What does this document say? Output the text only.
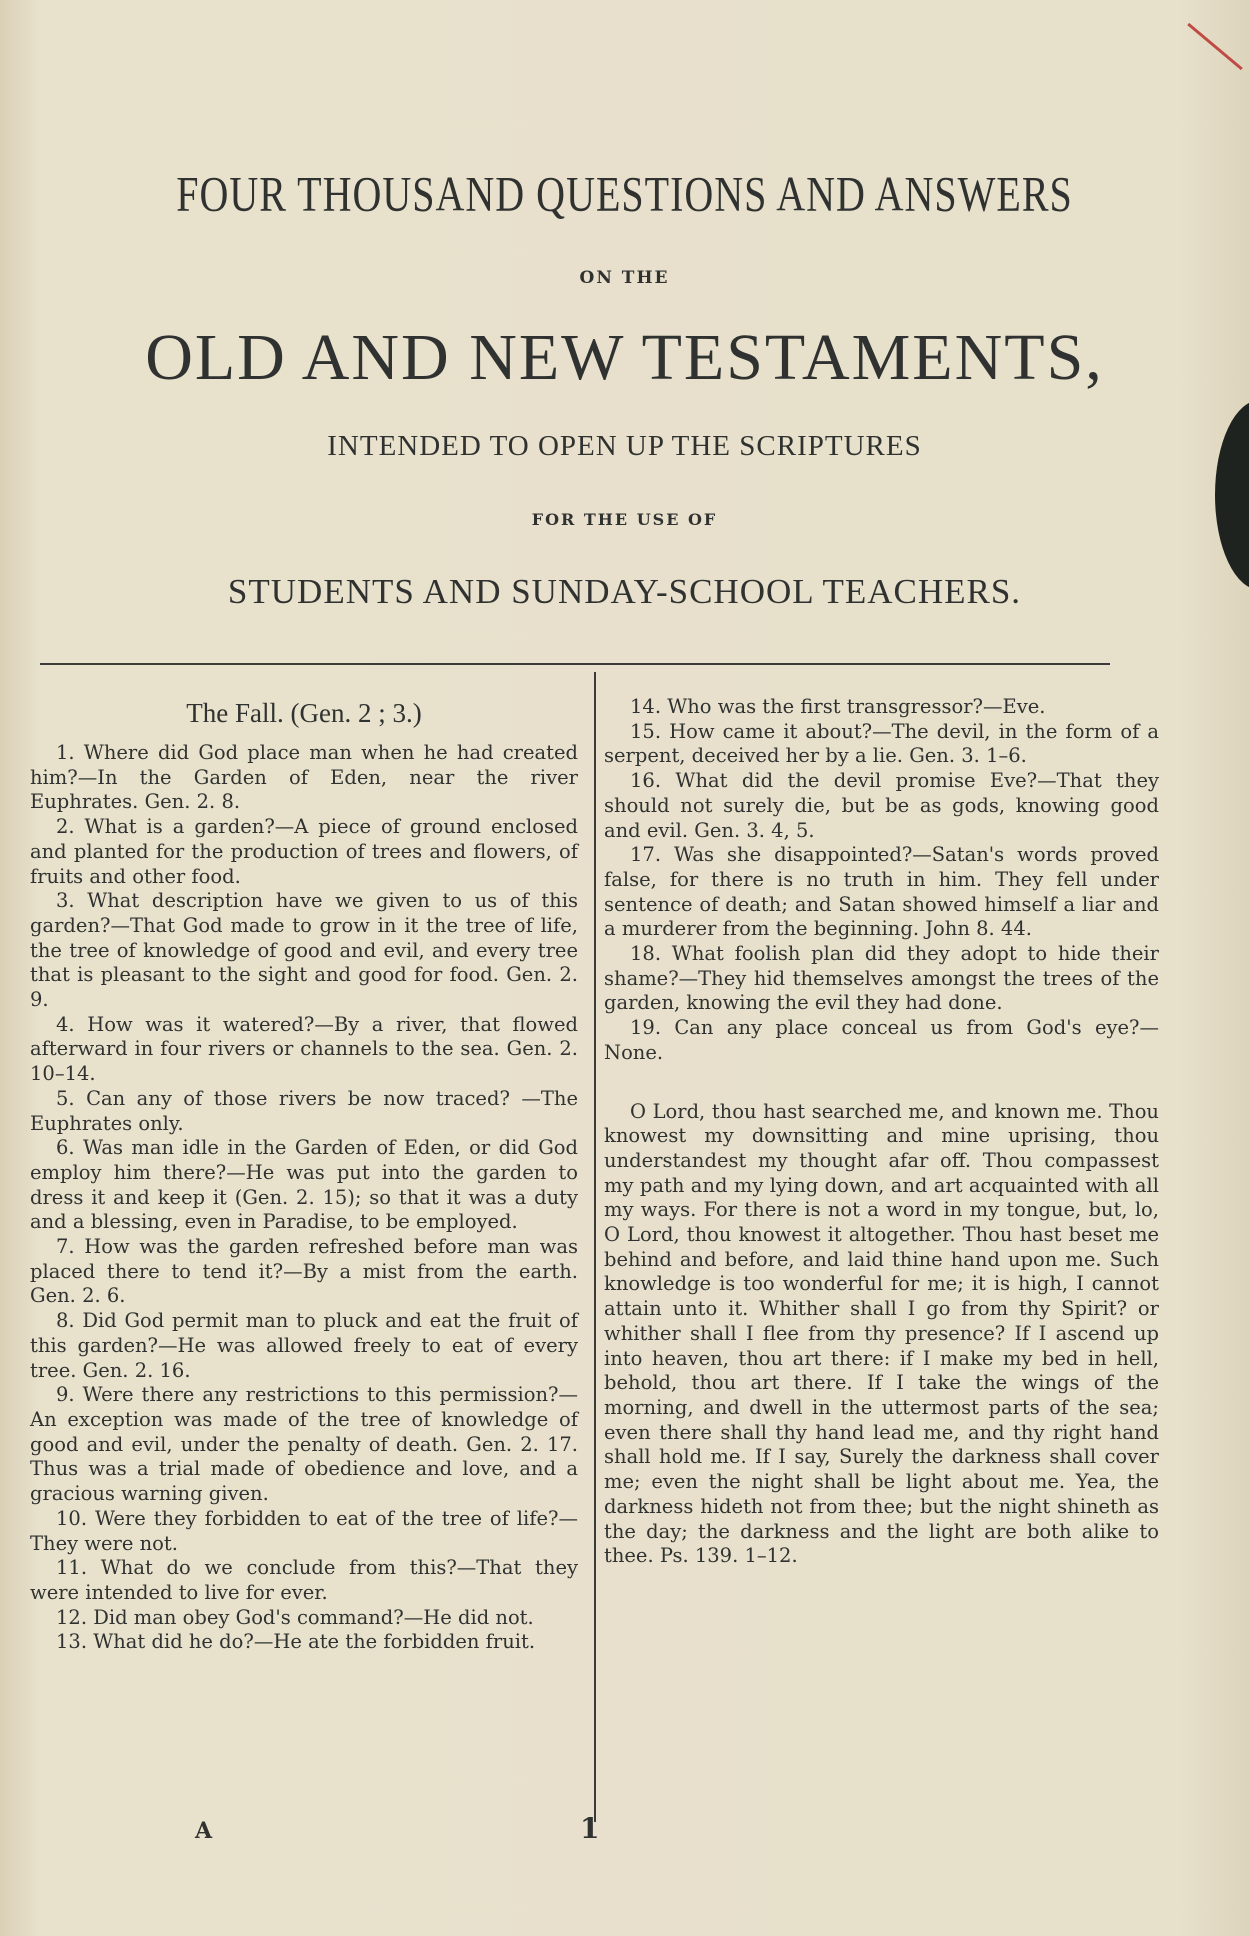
FOUR THOUSAND QUESTIONS AND ANSWERS
ON THE
OLD AND NEW TESTAMENTS,
INTENDED TO OPEN UP THE SCRIPTURES
FOR THE USE OF
STUDENTS AND SUNDAY-SCHOOL TEACHERS.
The Fall. (Gen. 2 ; 3.)

1. Where did God place man when he had created him?—In the Garden of Eden, near the river Euphrates. Gen. 2. 8.

2. What is a garden?—A piece of ground enclosed and planted for the production of trees and flowers, of fruits and other food.

3. What description have we given to us of this garden?—That God made to grow in it the tree of life, the tree of knowledge of good and evil, and every tree that is pleasant to the sight and good for food. Gen. 2. 9.

4. How was it watered?—By a river, that flowed afterward in four rivers or channels to the sea. Gen. 2. 10–14.

5. Can any of those rivers be now traced? —The Euphrates only.

6. Was man idle in the Garden of Eden, or did God employ him there?—He was put into the garden to dress it and keep it (Gen. 2. 15); so that it was a duty and a blessing, even in Paradise, to be employed.

7. How was the garden refreshed before man was placed there to tend it?—By a mist from the earth. Gen. 2. 6.

8. Did God permit man to pluck and eat the fruit of this garden?—He was allowed freely to eat of every tree. Gen. 2. 16.

9. Were there any restrictions to this permission?—An exception was made of the tree of knowledge of good and evil, under the penalty of death. Gen. 2. 17. Thus was a trial made of obedience and love, and a gracious warning given.

10. Were they forbidden to eat of the tree of life?—They were not.

11. What do we conclude from this?—That they were intended to live for ever.

12. Did man obey God's command?—He did not.

13. What did he do?—He ate the forbidden fruit.

14. Who was the first transgressor?—Eve.

15. How came it about?—The devil, in the form of a serpent, deceived her by a lie. Gen. 3. 1–6.

16. What did the devil promise Eve?—That they should not surely die, but be as gods, knowing good and evil. Gen. 3. 4, 5.

17. Was she disappointed?—Satan's words proved false, for there is no truth in him. They fell under sentence of death; and Satan showed himself a liar and a murderer from the beginning. John 8. 44.

18. What foolish plan did they adopt to hide their shame?—They hid themselves amongst the trees of the garden, knowing the evil they had done.

19. Can any place conceal us from God's eye?—None.

O Lord, thou hast searched me, and known me. Thou knowest my downsitting and mine uprising, thou understandest my thought afar off. Thou compassest my path and my lying down, and art acquainted with all my ways. For there is not a word in my tongue, but, lo, O Lord, thou knowest it altogether. Thou hast beset me behind and before, and laid thine hand upon me. Such knowledge is too wonderful for me; it is high, I cannot attain unto it. Whither shall I go from thy Spirit? or whither shall I flee from thy presence? If I ascend up into heaven, thou art there: if I make my bed in hell, behold, thou art there. If I take the wings of the morning, and dwell in the uttermost parts of the sea; even there shall thy hand lead me, and thy right hand shall hold me. If I say, Surely the darkness shall cover me; even the night shall be light about me. Yea, the darkness hideth not from thee; but the night shineth as the day; the darkness and the light are both alike to thee. Ps. 139. 1–12.

A	1
